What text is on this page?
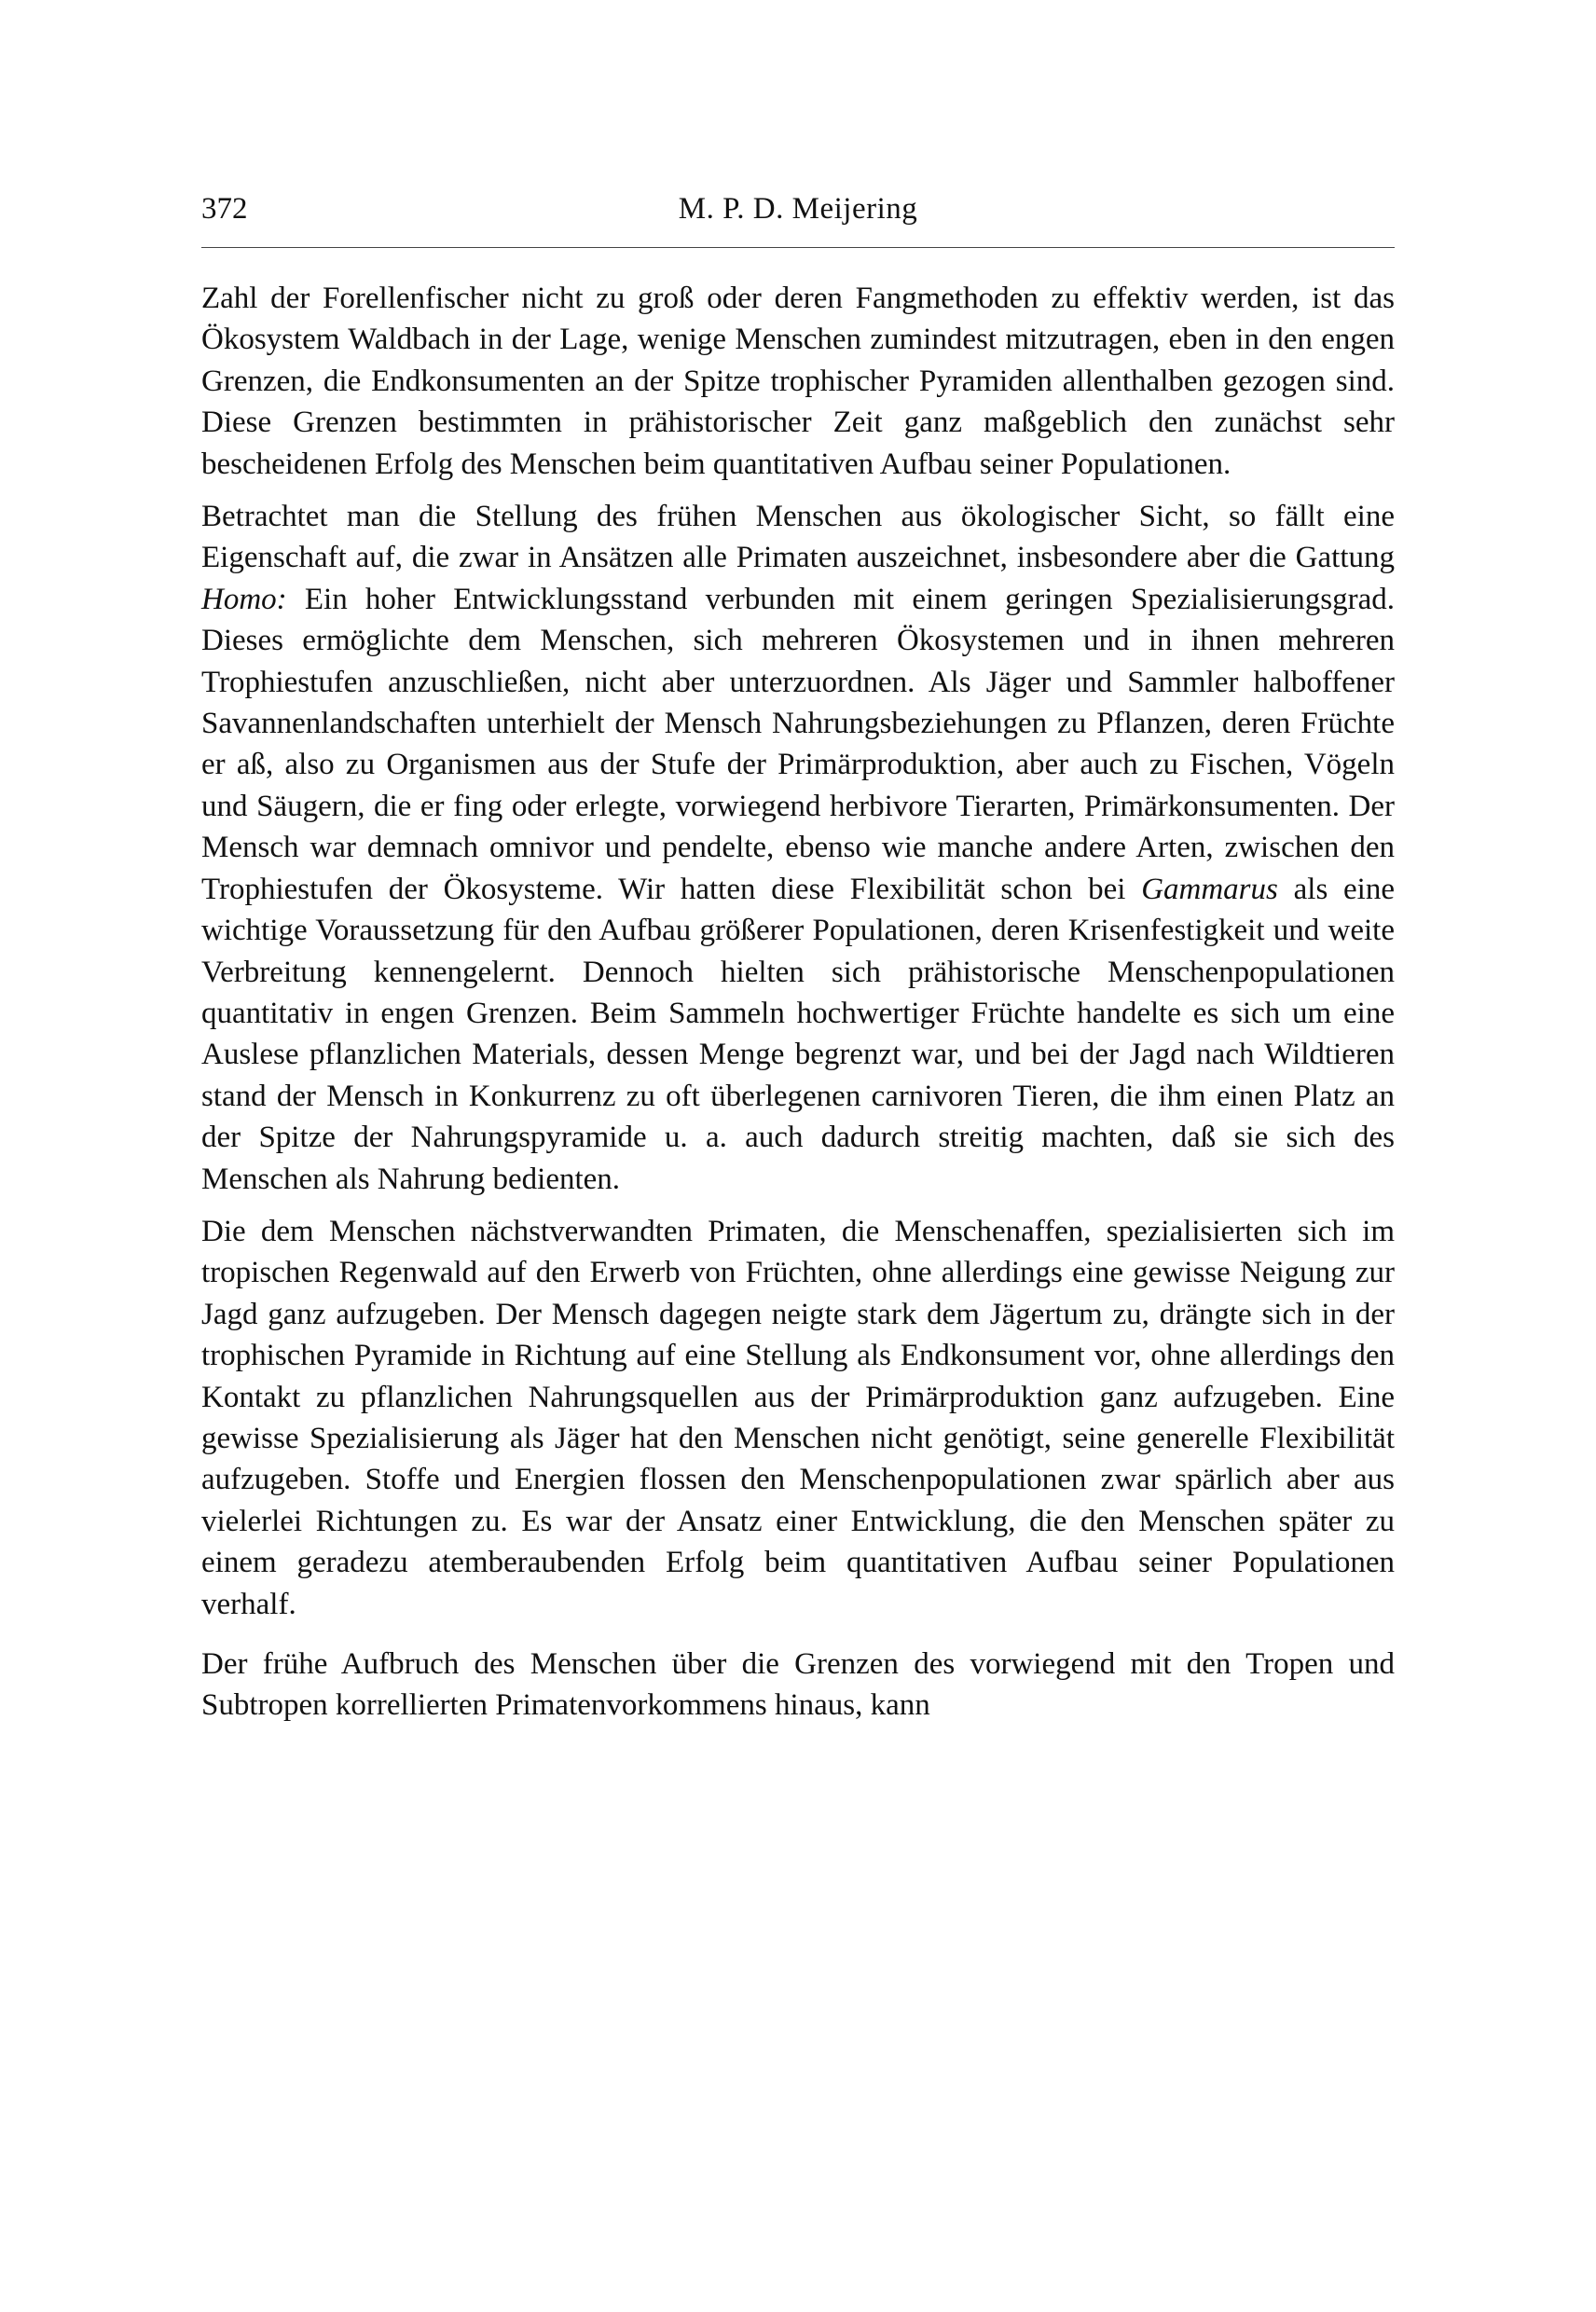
372	M. P. D. Meijering

Zahl der Forellenfischer nicht zu groß oder deren Fangmethoden zu effektiv werden, ist das Ökosystem Waldbach in der Lage, wenige Menschen zumindest mitzutragen, eben in den engen Grenzen, die Endkonsumenten an der Spitze trophischer Pyramiden allenthalben gezogen sind. Diese Grenzen bestimmten in prähistorischer Zeit ganz maßgeblich den zunächst sehr bescheidenen Erfolg des Menschen beim quantitativen Aufbau seiner Populationen.

Betrachtet man die Stellung des frühen Menschen aus ökologischer Sicht, so fällt eine Eigenschaft auf, die zwar in Ansätzen alle Primaten auszeichnet, insbesondere aber die Gattung Homo: Ein hoher Entwicklungsstand verbunden mit einem geringen Spezialisierungsgrad. Dieses ermöglichte dem Menschen, sich mehreren Ökosystemen und in ihnen mehreren Trophiestufen anzuschließen, nicht aber unterzuordnen. Als Jäger und Sammler halboffener Savannenlandschaften unterhielt der Mensch Nahrungsbeziehungen zu Pflanzen, deren Früchte er aß, also zu Organismen aus der Stufe der Primärproduktion, aber auch zu Fischen, Vögeln und Säugern, die er fing oder erlegte, vorwiegend herbivore Tierarten, Primärkonsumenten. Der Mensch war demnach omnivor und pendelte, ebenso wie manche andere Arten, zwischen den Trophiestufen der Ökosysteme. Wir hatten diese Flexibilität schon bei Gammarus als eine wichtige Voraussetzung für den Aufbau größerer Populationen, deren Krisenfestigkeit und weite Verbreitung kennengelernt. Dennoch hielten sich prähistorische Menschenpopulationen quantitativ in engen Grenzen. Beim Sammeln hochwertiger Früchte handelte es sich um eine Auslese pflanzlichen Materials, dessen Menge begrenzt war, und bei der Jagd nach Wildtieren stand der Mensch in Konkurrenz zu oft überlegenen carnivoren Tieren, die ihm einen Platz an der Spitze der Nahrungspyramide u. a. auch dadurch streitig machten, daß sie sich des Menschen als Nahrung bedienten.

Die dem Menschen nächstverwandten Primaten, die Menschenaffen, spezialisierten sich im tropischen Regenwald auf den Erwerb von Früchten, ohne allerdings eine gewisse Neigung zur Jagd ganz aufzugeben. Der Mensch dagegen neigte stark dem Jägertum zu, drängte sich in der trophischen Pyramide in Richtung auf eine Stellung als Endkonsument vor, ohne allerdings den Kontakt zu pflanzlichen Nahrungsquellen aus der Primärproduktion ganz aufzugeben. Eine gewisse Spezialisierung als Jäger hat den Menschen nicht genötigt, seine generelle Flexibilität aufzugeben. Stoffe und Energien flossen den Menschenpopulationen zwar spärlich aber aus vielerlei Richtungen zu. Es war der Ansatz einer Entwicklung, die den Menschen später zu einem geradezu atemberaubenden Erfolg beim quantitativen Aufbau seiner Populationen verhalf.

Der frühe Aufbruch des Menschen über die Grenzen des vorwiegend mit den Tropen und Subtropen korrellierten Primatenvorkommens hinaus, kann
